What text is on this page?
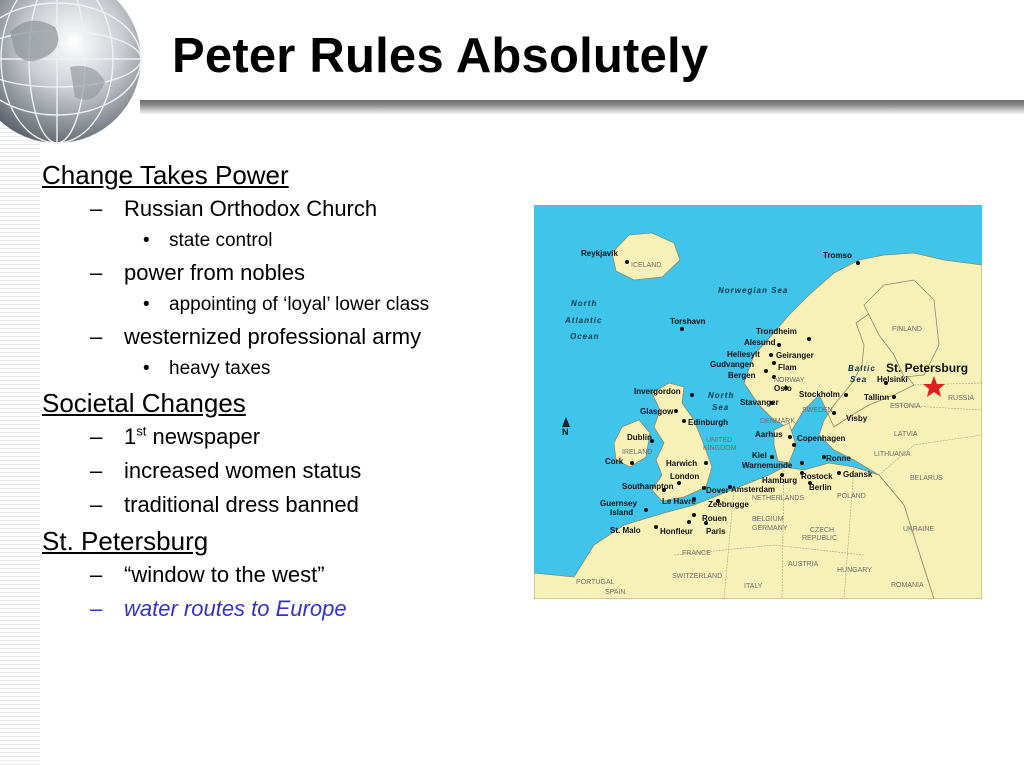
Peter Rules Absolutely
Change Takes Power
– Russian Orthodox Church
• state control
– power from nobles
• appointing of ‘loyal’ lower class
– westernized professional army
• heavy taxes
Societal Changes
– 1st newspaper
– increased women status
– traditional dress banned
St. Petersburg
– “window to the west”
– water routes to Europe
Norwegian Sea
North
Atlantic
Ocean
North
Sea
Baltic
Sea
ICELAND
FINLAND
NORWAY
SWEDEN
ESTONIA
RUSSIA
LATVIA
LITHUANIA
BELARUS
DENMARK
UNITED
KINGDOM
IRELAND
NETHERLANDS
BELGIUM
GERMANY
POLAND
CZECH
REPUBLIC
UKRAINE
FRANCE
AUSTRIA
HUNGARY
SWITZERLAND
ROMANIA
PORTUGAL
SPAIN
ITALY
Reykjavik	Tromso
Torshavn
Trondheim
Alesund
Hellesylt Geiranger
Gudvangen	Flam
Bergen
Oslo
Stockholm
Helsinki
St. Petersburg
Tallinn
Stavanger
Invergordon
Glasgow
Edinburgh	Visby
Aarhus Copenhagen
Dublin
Cork
Kiel
Warnemunde
Ronne
Harwich
Hamburg Rostock Gdansk
London
Southampton	Dover Amsterdam	Berlin
Guernsey
Island
Le Havre Zeebrugge
Rouen
St. Malo Honfleur Paris
N
